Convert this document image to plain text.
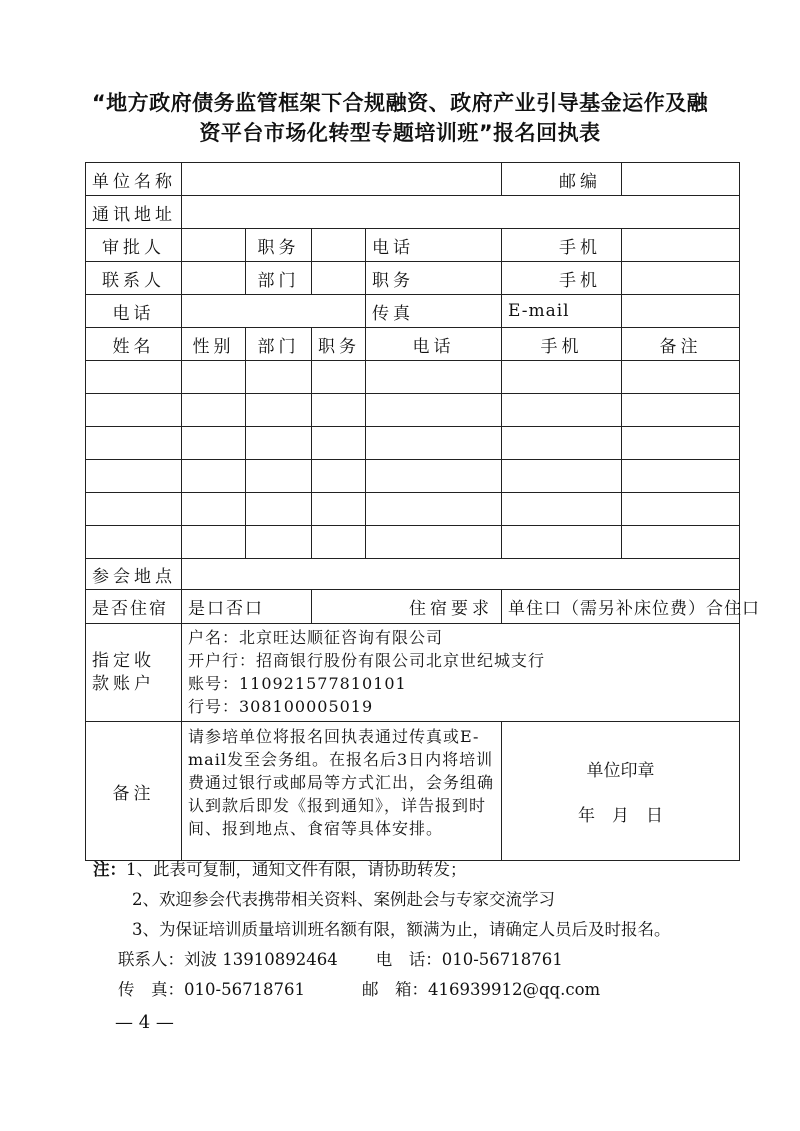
“地方政府债务监管框架下合规融资、政府产业引导基金运作及融
资平台市场化转型专题培训班”报名回执表
单位名称					邮编	
通讯地址						
审批人		职务		电话	手机	
联系人		部门		职务	手机	
电话				传真	E-mail	
姓名	性别	部门	职务	电话	手机	备注

参会地点						
是否住宿	是口否口		住宿要求		单住口（需另补床位费）合住口	
指定收款账户	户名：北京旺达顺征咨询有限公司
开户行：招商银行股份有限公司北京世纪城支行
账号：110921577810101
行号：308100005019					

备注	请参培单位将报名回执表通过传真或E-mail发至会务组。在报名后3日内将培训费通过银行或邮局等方式汇出，会务组确认到款后即发《报到通知》，详告报到时间、报到地点、食宿等具体安排。				单位印章
年　月　日	
注：1、此表可复制，通知文件有限，请协助转发；
2、欢迎参会代表携带相关资料、案例赴会与专家交流学习
3、为保证培训质量培训班名额有限，额满为止，请确定人员后及时报名。
联系人：刘波 13910892464 电　话：010-56718761
传　真：010-56718761	邮　箱：416939912@qq.com
— 4 —
